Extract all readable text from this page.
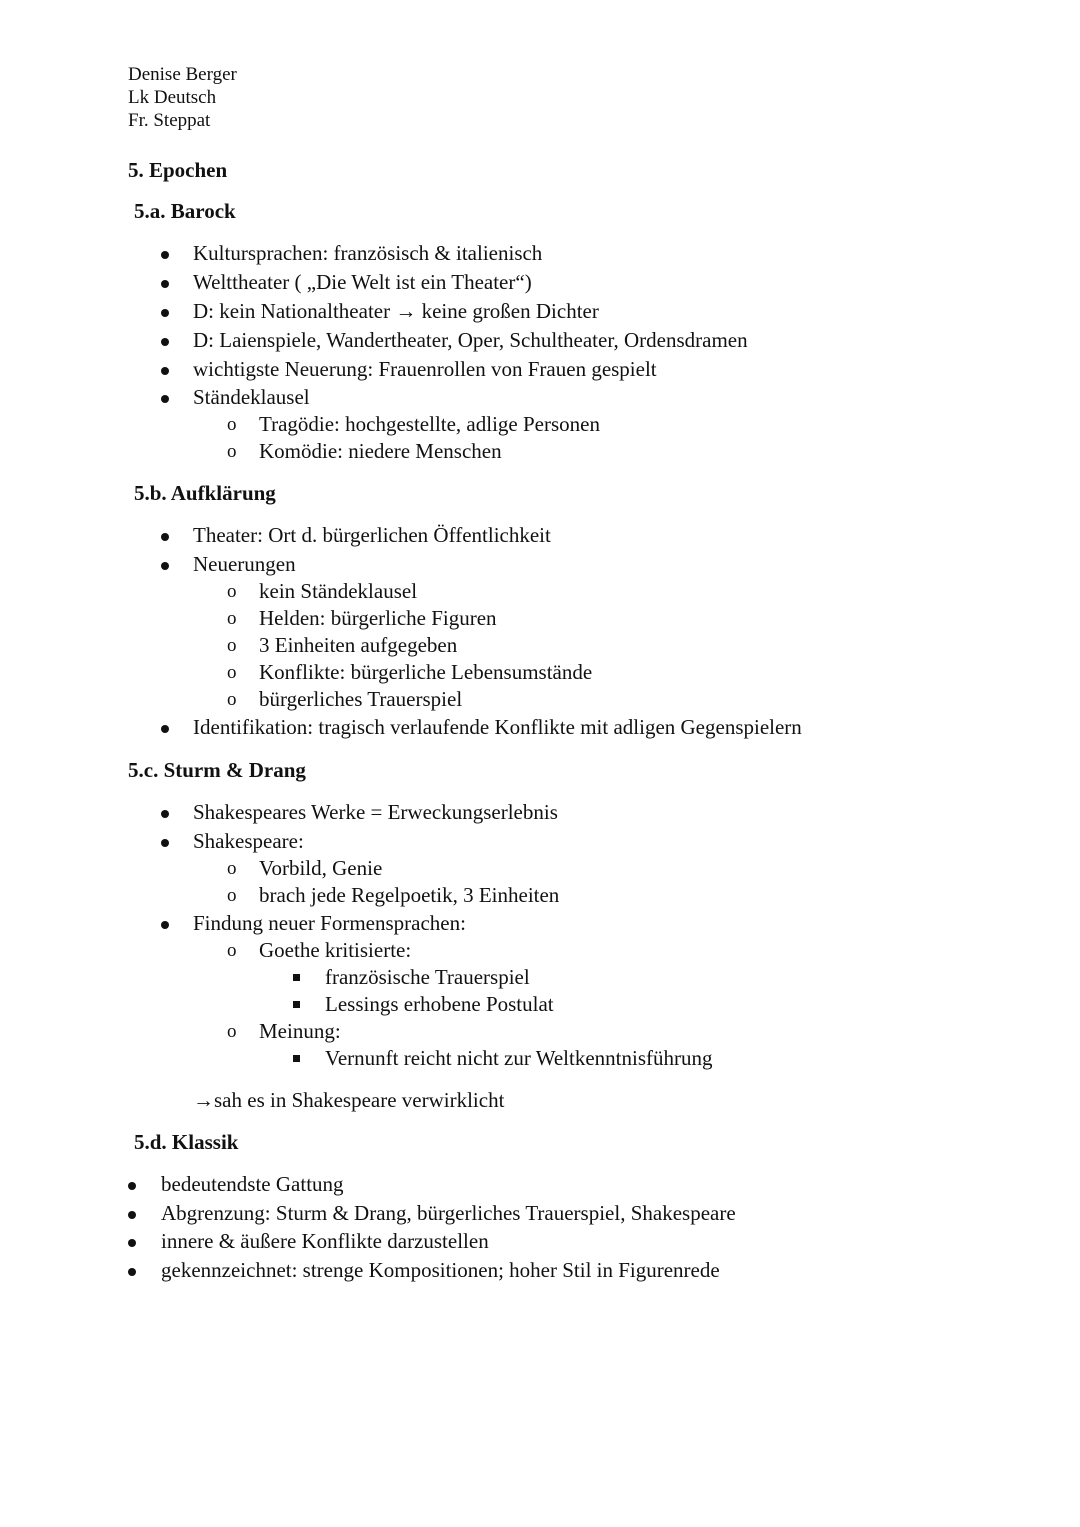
Denise Berger
Lk Deutsch
Fr. Steppat
5. Epochen
5.a. Barock
Kultursprachen: französisch & italienisch
Welttheater ( „Die Welt ist ein Theater“)
D: kein Nationaltheater → keine großen Dichter
D: Laienspiele, Wandertheater, Oper, Schultheater, Ordensdramen
wichtigste Neuerung: Frauenrollen von Frauen gespielt
Ständeklausel
o Tragödie: hochgestellte, adlige Personen
o Komödie: niedere Menschen
5.b. Aufklärung
Theater: Ort d. bürgerlichen Öffentlichkeit
Neuerungen
o kein Ständeklausel
o Helden: bürgerliche Figuren
o 3 Einheiten aufgegeben
o Konflikte: bürgerliche Lebensumstände
o bürgerliches Trauerspiel
Identifikation: tragisch verlaufende Konflikte mit adligen Gegenspielern
5.c. Sturm & Drang
Shakespeares Werke = Erweckungserlebnis
Shakespeare:
o Vorbild, Genie
o brach jede Regelpoetik, 3 Einheiten
Findung neuer Formensprachen:
o Goethe kritisierte:
französische Trauerspiel
Lessings erhobene Postulat
o Meinung:
Vernunft reicht nicht zur Weltkenntnisführung
→sah es in Shakespeare verwirklicht
5.d. Klassik
bedeutendste Gattung
Abgrenzung: Sturm & Drang, bürgerliches Trauerspiel, Shakespeare
innere & äußere Konflikte darzustellen
gekennzeichnet: strenge Kompositionen; hoher Stil in Figurenrede
